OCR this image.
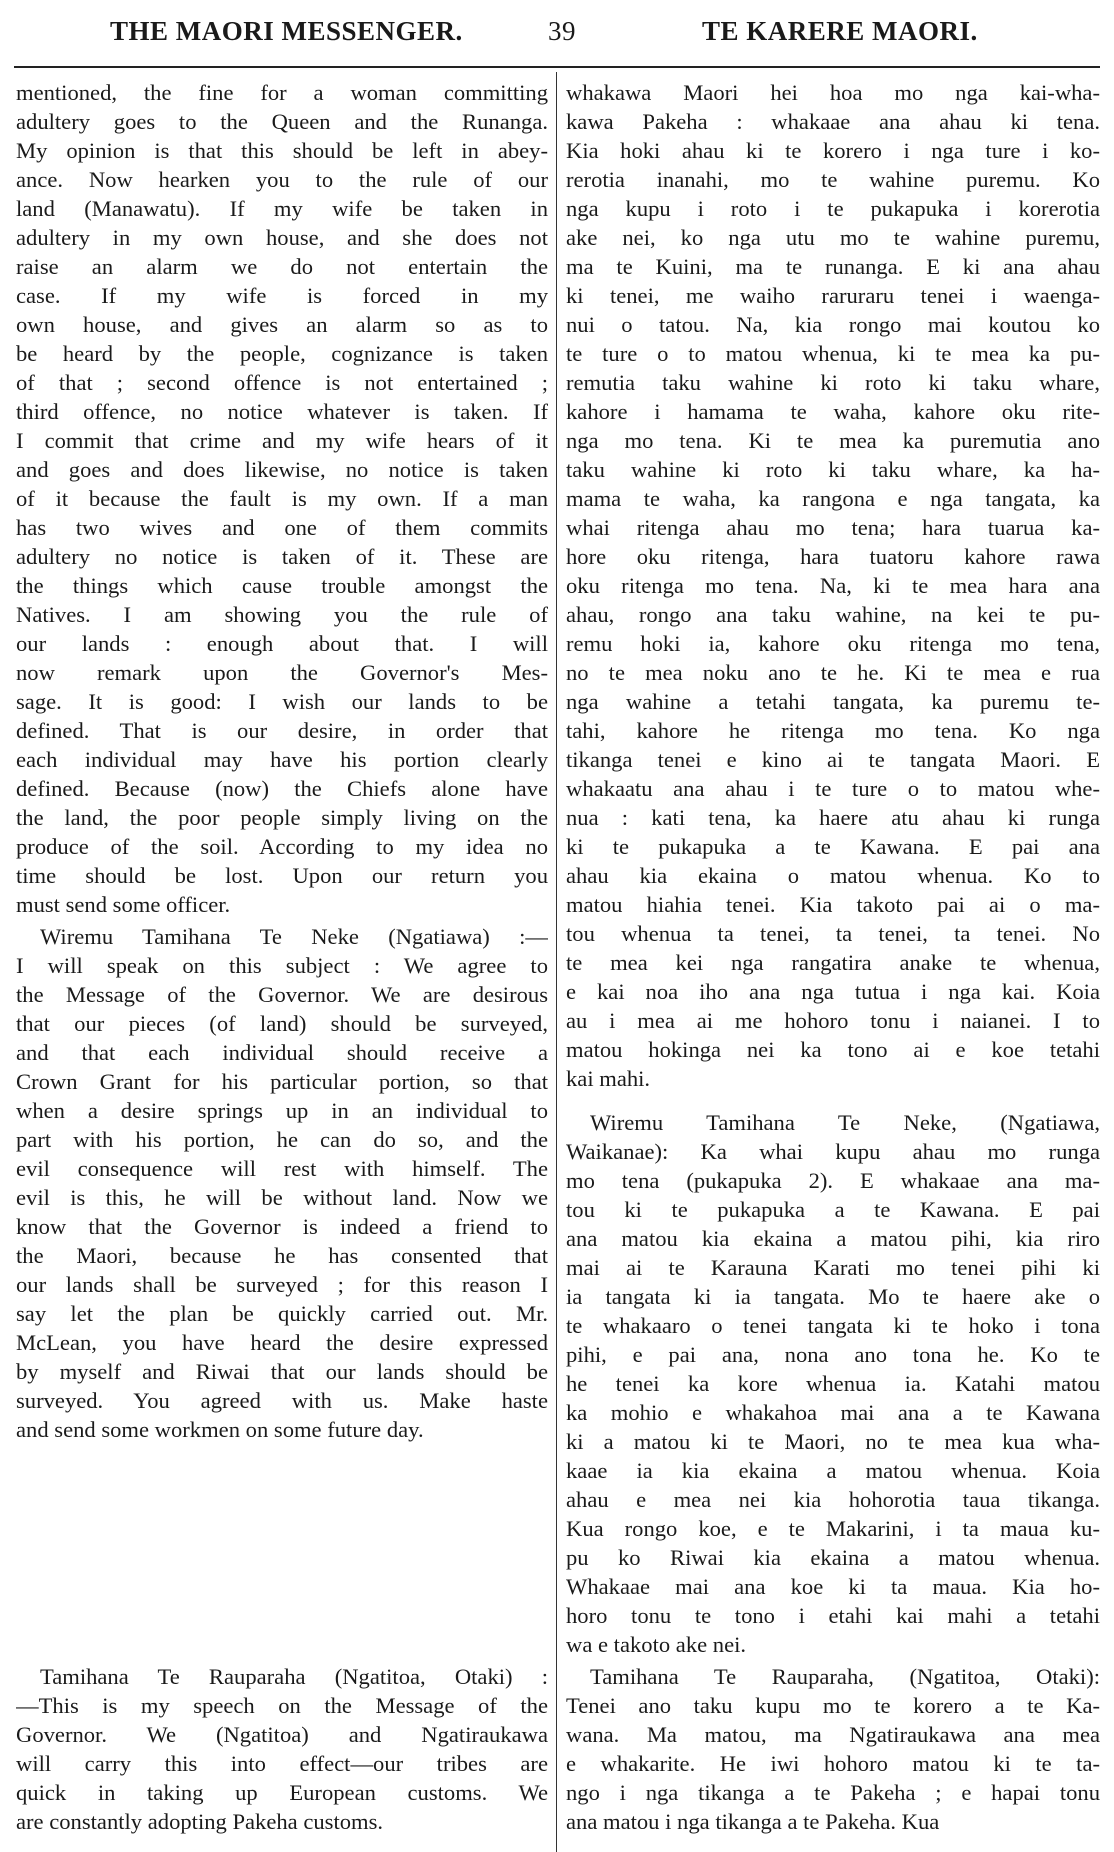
THE MAORI MESSENGER.	39	TE KARERE MAORI.
mentioned, the fine for a woman committing
adultery goes to the Queen and the Runanga.
My opinion is that this should be left in abey-
ance. Now hearken you to the rule of our
land (Manawatu). If my wife be taken in
adultery in my own house, and she does not
raise an alarm we do not entertain the
case. If my wife is forced in my
own house, and gives an alarm so as to
be heard by the people, cognizance is taken
of that ; second offence is not entertained ;
third offence, no notice whatever is taken. If
I commit that crime and my wife hears of it
and goes and does likewise, no notice is taken
of it because the fault is my own. If a man
has two wives and one of them commits
adultery no notice is taken of it. These are
the things which cause trouble amongst the
Natives. I am showing you the rule of
our lands : enough about that. I will
now remark upon the Governor's Mes-
sage. It is good: I wish our lands to be
defined. That is our desire, in order that
each individual may have his portion clearly
defined. Because (now) the Chiefs alone have
the land, the poor people simply living on the
produce of the soil. According to my idea no
time should be lost. Upon our return you
must send some officer.
Wiremu Tamihana Te Neke (Ngatiawa) :—
I will speak on this subject : We agree to
the Message of the Governor. We are desirous
that our pieces (of land) should be surveyed,
and that each individual should receive a
Crown Grant for his particular portion, so that
when a desire springs up in an individual to
part with his portion, he can do so, and the
evil consequence will rest with himself. The
evil is this, he will be without land. Now we
know that the Governor is indeed a friend to
the Maori, because he has consented that
our lands shall be surveyed ; for this reason I
say let the plan be quickly carried out. Mr.
McLean, you have heard the desire expressed
by myself and Riwai that our lands should be
surveyed. You agreed with us. Make haste
and send some workmen on some future day.
Tamihana Te Rauparaha (Ngatitoa, Otaki) :
—This is my speech on the Message of the
Governor. We (Ngatitoa) and Ngatiraukawa
will carry this into effect—our tribes are
quick in taking up European customs. We
are constantly adopting Pakeha customs.
whakawa Maori hei hoa mo nga kai-wha-
kawa Pakeha : whakaae ana ahau ki tena.
Kia hoki ahau ki te korero i nga ture i ko-
rerotia inanahi, mo te wahine puremu. Ko
nga kupu i roto i te pukapuka i korerotia
ake nei, ko nga utu mo te wahine puremu,
ma te Kuini, ma te runanga. E ki ana ahau
ki tenei, me waiho raruraru tenei i waenga-
nui o tatou. Na, kia rongo mai koutou ko
te ture o to matou whenua, ki te mea ka pu-
remutia taku wahine ki roto ki taku whare,
kahore i hamama te waha, kahore oku rite-
nga mo tena. Ki te mea ka puremutia ano
taku wahine ki roto ki taku whare, ka ha-
mama te waha, ka rangona e nga tangata, ka
whai ritenga ahau mo tena; hara tuarua ka-
hore oku ritenga, hara tuatoru kahore rawa
oku ritenga mo tena. Na, ki te mea hara ana
ahau, rongo ana taku wahine, na kei te pu-
remu hoki ia, kahore oku ritenga mo tena,
no te mea noku ano te he. Ki te mea e rua
nga wahine a tetahi tangata, ka puremu te-
tahi, kahore he ritenga mo tena. Ko nga
tikanga tenei e kino ai te tangata Maori. E
whakaatu ana ahau i te ture o to matou whe-
nua : kati tena, ka haere atu ahau ki runga
ki te pukapuka a te Kawana. E pai ana
ahau kia ekaina o matou whenua. Ko to
matou hiahia tenei. Kia takoto pai ai o ma-
tou whenua ta tenei, ta tenei, ta tenei. No
te mea kei nga rangatira anake te whenua,
e kai noa iho ana nga tutua i nga kai. Koia
au i mea ai me hohoro tonu i naianei. I to
matou hokinga nei ka tono ai e koe tetahi
kai mahi.
Wiremu Tamihana Te Neke, (Ngatiawa,
Waikanae): Ka whai kupu ahau mo runga
mo tena (pukapuka 2). E whakaae ana ma-
tou ki te pukapuka a te Kawana. E pai
ana matou kia ekaina a matou pihi, kia riro
mai ai te Karauna Karati mo tenei pihi ki
ia tangata ki ia tangata. Mo te haere ake o
te whakaaro o tenei tangata ki te hoko i tona
pihi, e pai ana, nona ano tona he. Ko te
he tenei ka kore whenua ia. Katahi matou
ka mohio e whakahoa mai ana a te Kawana
ki a matou ki te Maori, no te mea kua wha-
kaae ia kia ekaina a matou whenua. Koia
ahau e mea nei kia hohorotia taua tikanga.
Kua rongo koe, e te Makarini, i ta maua ku-
pu ko Riwai kia ekaina a matou whenua.
Whakaae mai ana koe ki ta maua. Kia ho-
horo tonu te tono i etahi kai mahi a tetahi
wa e takoto ake nei.
Tamihana Te Rauparaha, (Ngatitoa, Otaki):
Tenei ano taku kupu mo te korero a te Ka-
wana. Ma matou, ma Ngatiraukawa ana mea
e whakarite. He iwi hohoro matou ki te ta-
ngo i nga tikanga a te Pakeha ; e hapai tonu
ana matou i nga tikanga a te Pakeha. Kua
